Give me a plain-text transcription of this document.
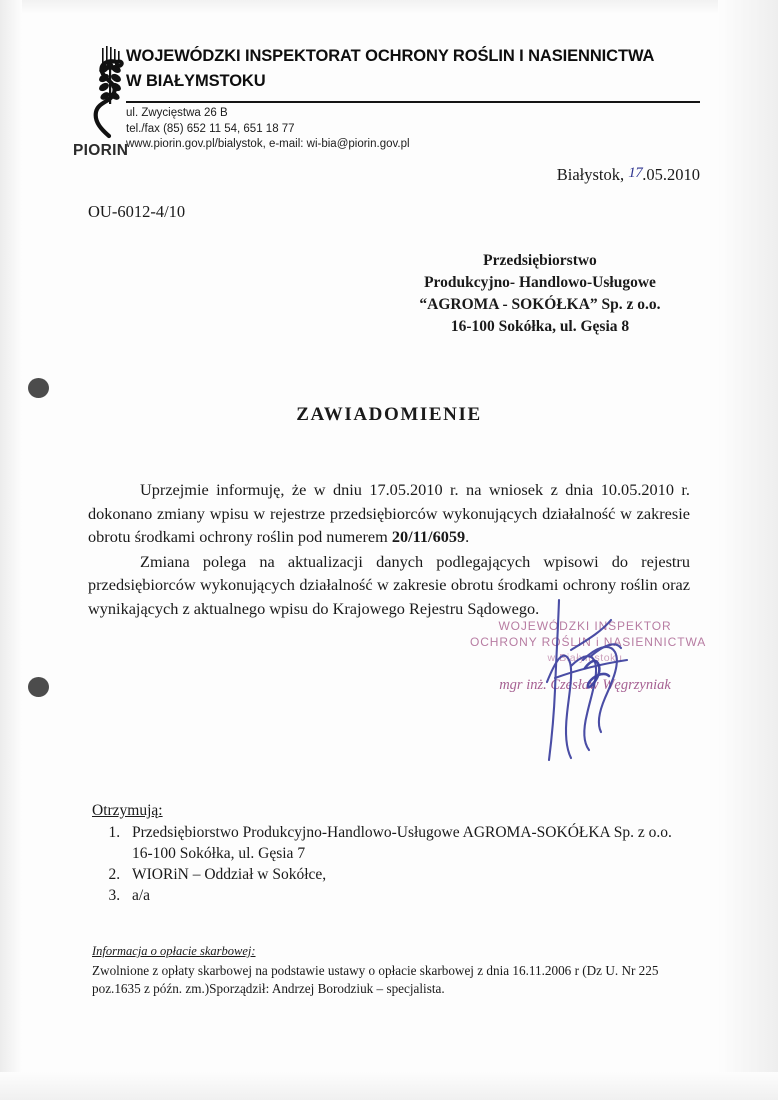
PIORIN
WOJEWÓDZKI INSPEKTORAT OCHRONY ROŚLIN I NASIENNICTWA
W BIAŁYMSTOKU
ul. Zwycięstwa 26 B
tel./fax (85) 652 11 54, 651 18 77
www.piorin.gov.pl/bialystok, e-mail: wi-bia@piorin.gov.pl
Białystok, 17.05.2010
OU-6012-4/10
Przedsiębiorstwo
Produkcyjno- Handlowo-Usługowe
“AGROMA - SOKÓŁKA” Sp. z o.o.
16-100 Sokółka, ul. Gęsia 8
ZAWIADOMIENIE

Uprzejmie informuję, że w dniu 17.05.2010 r. na wniosek z dnia 10.05.2010 r. dokonano zmiany wpisu w rejestrze przedsiębiorców wykonujących działalność w zakresie obrotu środkami ochrony roślin pod numerem 20/11/6059.

Zmiana polega na aktualizacji danych podlegających wpisowi do rejestru przedsiębiorców wykonujących działalność w zakresie obrotu środkami ochrony roślin oraz wynikających z aktualnego wpisu do Krajowego Rejestru Sądowego.

WOJEWÓDZKI INSPEKTOR
OCHRONY ROŚLIN i NASIENNICTWA
w Białymstoku
mgr inż. Czesław Węgrzyniak
Otrzymują:
1. Przedsiębiorstwo Produkcyjno-Handlowo-Usługowe AGROMA-SOKÓŁKA Sp. z o.o.
16-100 Sokółka, ul. Gęsia 7
2. WIORiN – Oddział w Sokółce,
3. a/a
Informacja o opłacie skarbowej:
Zwolnione z opłaty skarbowej na podstawie ustawy o opłacie skarbowej z dnia 16.11.2006 r (Dz U. Nr 225 poz.1635 z późn. zm.)Sporządził: Andrzej Borodziuk – specjalista.
